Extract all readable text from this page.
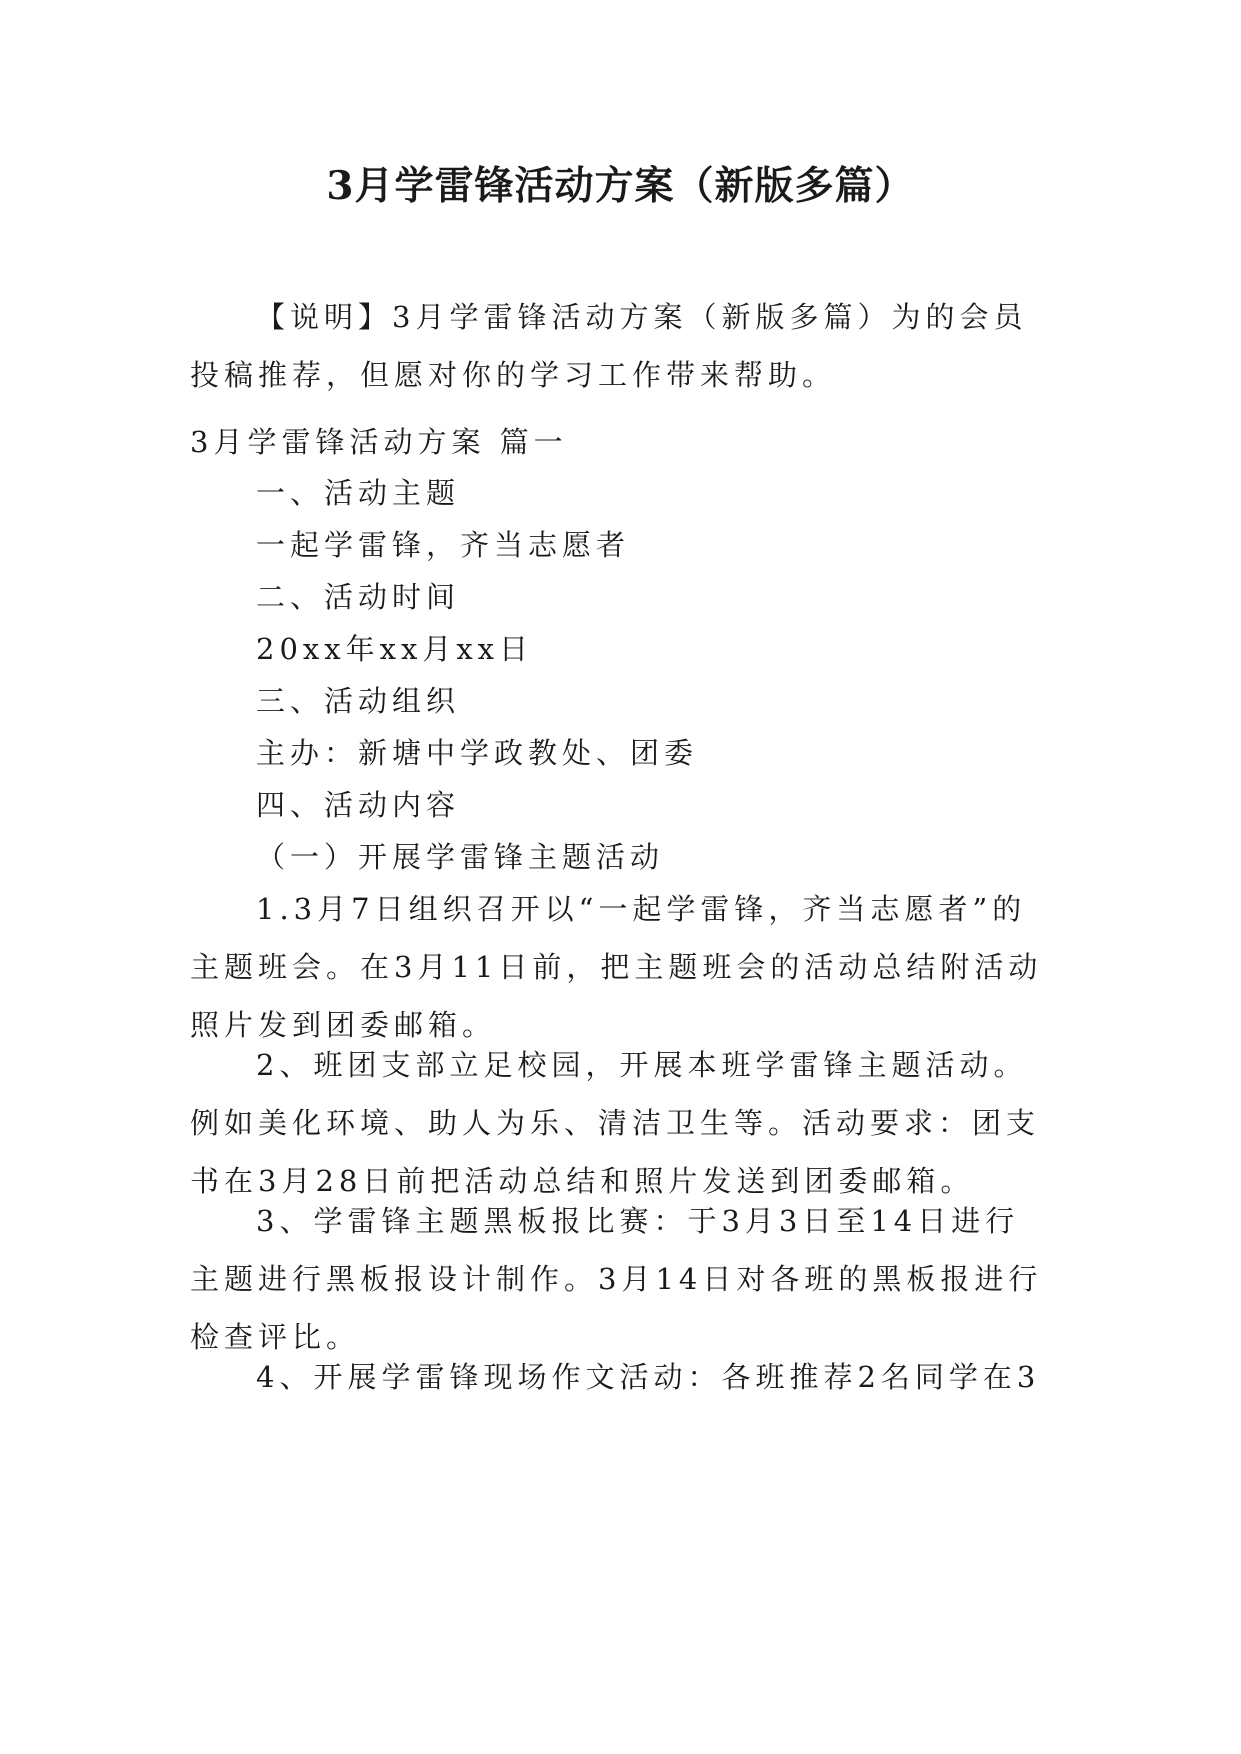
3月学雷锋活动方案（新版多篇）

【说明】3月学雷锋活动方案（新版多篇）为的会员投稿推荐，但愿对你的学习工作带来帮助。

3月学雷锋活动方案 篇一

一、活动主题

一起学雷锋，齐当志愿者

二、活动时间

20xx年xx月xx日

三、活动组织

主办：新塘中学政教处、团委

四、活动内容

（一）开展学雷锋主题活动

1.3月7日组织召开以“一起学雷锋，齐当志愿者”的主题班会。在3月11日前，把主题班会的活动总结附活动照片发到团委邮箱。

2、班团支部立足校园，开展本班学雷锋主题活动。例如美化环境、助人为乐、清洁卫生等。活动要求：团支书在3月28日前把活动总结和照片发送到团委邮箱。

3、学雷锋主题黑板报比赛：于3月3日至14日进行主题进行黑板报设计制作。3月14日对各班的黑板报进行检查评比。

4、开展学雷锋现场作文活动：各班推荐2名同学在3
